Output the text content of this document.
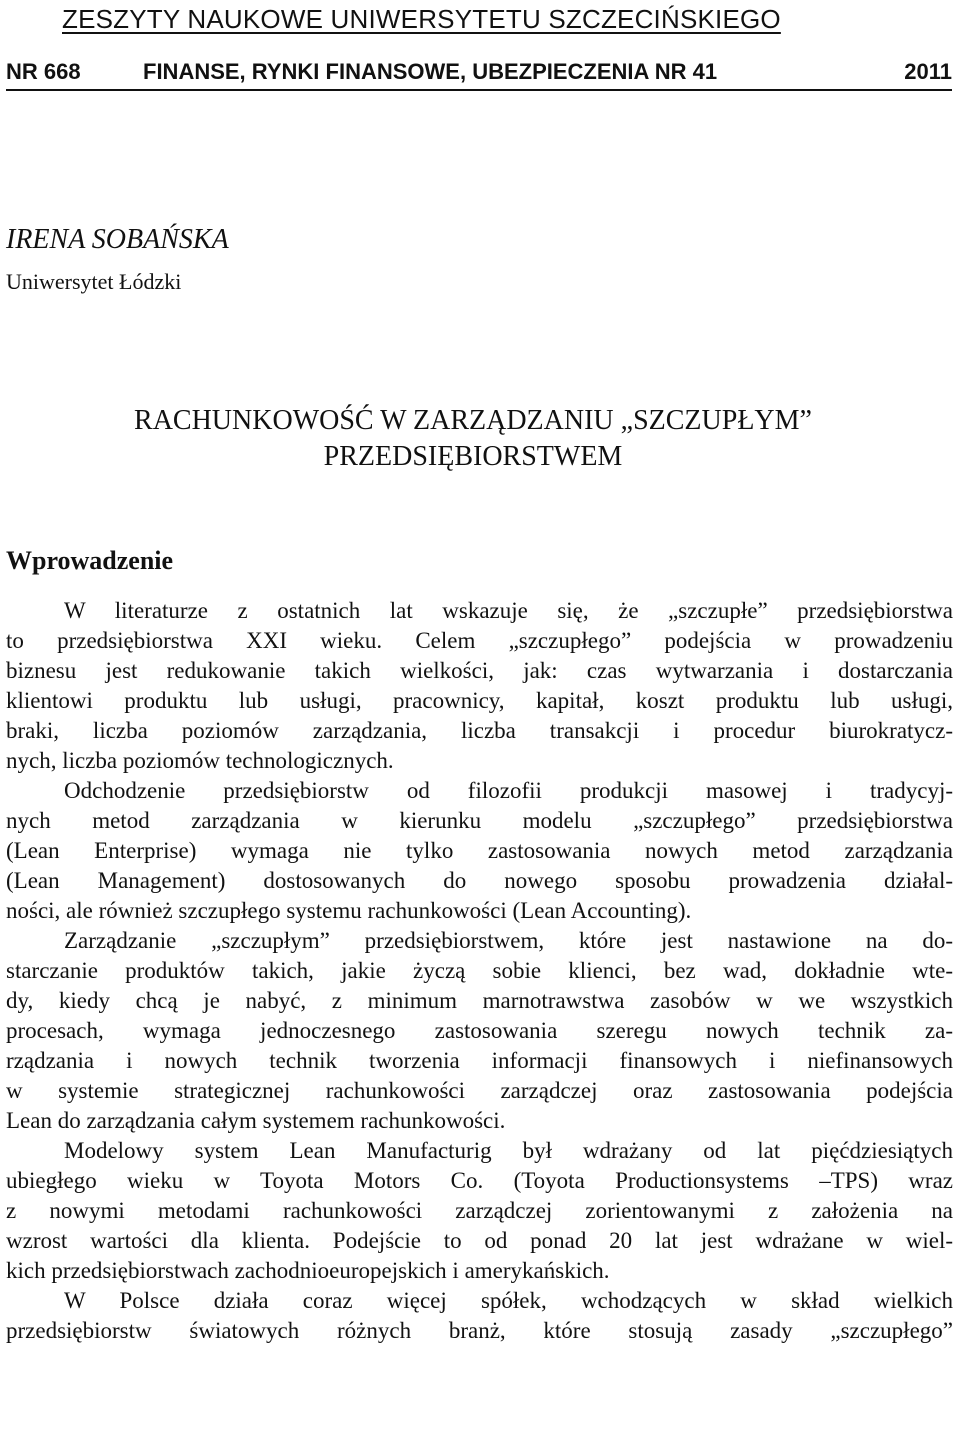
ZESZYTY NAUKOWE UNIWERSYTETU SZCZECIŃSKIEGO
NR 668	FINANSE, RYNKI FINANSOWE, UBEZPIECZENIA NR 41	2011
IRENA SOBAŃSKA
Uniwersytet Łódzki
RACHUNKOWOŚĆ W ZARZĄDZANIU „SZCZUPŁYM”
PRZEDSIĘBIORSTWEM
Wprowadzenie
W literaturze z ostatnich lat wskazuje się, że „szczupłe” przedsiębiorstwa
to przedsiębiorstwa XXI wieku. Celem „szczupłego” podejścia w prowadzeniu
biznesu jest redukowanie takich wielkości, jak: czas wytwarzania i dostarczania
klientowi produktu lub usługi, pracownicy, kapitał, koszt produktu lub usługi,
braki, liczba poziomów zarządzania, liczba transakcji i procedur biurokratycz-
nych, liczba poziomów technologicznych.
Odchodzenie przedsiębiorstw od filozofii produkcji masowej i tradycyj-
nych metod zarządzania w kierunku modelu „szczupłego” przedsiębiorstwa
(Lean Enterprise) wymaga nie tylko zastosowania nowych metod zarządzania
(Lean Management) dostosowanych do nowego sposobu prowadzenia działal-
ności, ale również szczupłego systemu rachunkowości (Lean Accounting).
Zarządzanie „szczupłym” przedsiębiorstwem, które jest nastawione na do-
starczanie produktów takich, jakie życzą sobie klienci, bez wad, dokładnie wte-
dy, kiedy chcą je nabyć, z minimum marnotrawstwa zasobów w we wszystkich
procesach, wymaga jednoczesnego zastosowania szeregu nowych technik za-
rządzania i nowych technik tworzenia informacji finansowych i niefinansowych
w systemie strategicznej rachunkowości zarządczej oraz zastosowania podejścia
Lean do zarządzania całym systemem rachunkowości.
Modelowy system Lean Manufacturig był wdrażany od lat pięćdziesiątych
ubiegłego wieku w Toyota Motors Co. (Toyota Productionsystems –TPS) wraz
z nowymi metodami rachunkowości zarządczej zorientowanymi z założenia na
wzrost wartości dla klienta. Podejście to od ponad 20 lat jest wdrażane w wiel-
kich przedsiębiorstwach zachodnioeuropejskich i amerykańskich.
W Polsce działa coraz więcej spółek, wchodzących w skład wielkich
przedsiębiorstw światowych różnych branż, które stosują zasady „szczupłego”
